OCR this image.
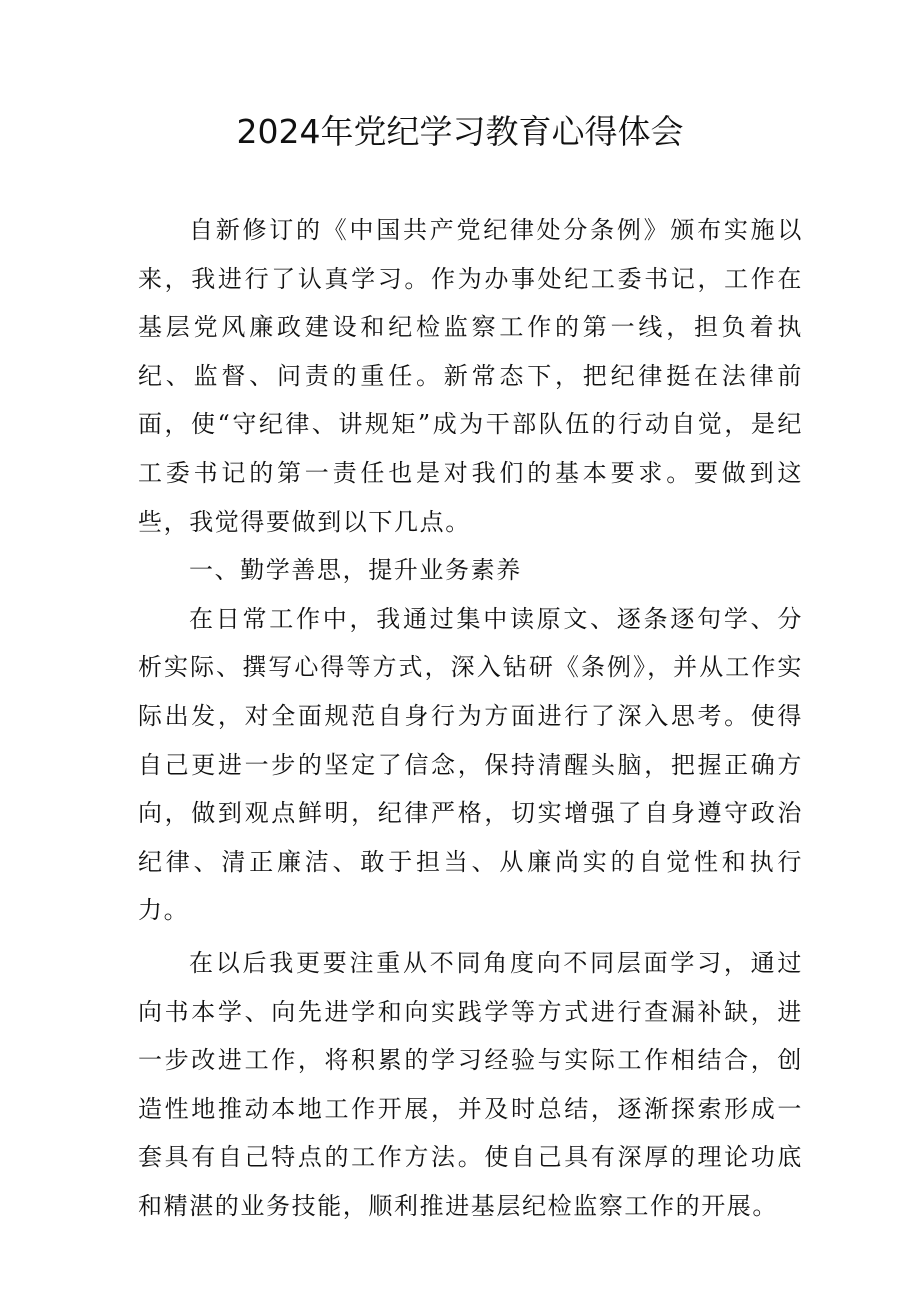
2024年党纪学习教育心得体会

自新修订的《中国共产党纪律处分条例》颁布实施以来，我进行了认真学习。作为办事处纪工委书记，工作在基层党风廉政建设和纪检监察工作的第一线，担负着执纪、监督、问责的重任。新常态下，把纪律挺在法律前面，使“守纪律、讲规矩”成为干部队伍的行动自觉，是纪工委书记的第一责任也是对我们的基本要求。要做到这些，我觉得要做到以下几点。

一、勤学善思，提升业务素养

在日常工作中，我通过集中读原文、逐条逐句学、分析实际、撰写心得等方式，深入钻研《条例》，并从工作实际出发，对全面规范自身行为方面进行了深入思考。使得自己更进一步的坚定了信念，保持清醒头脑，把握正确方向，做到观点鲜明，纪律严格，切实增强了自身遵守政治纪律、清正廉洁、敢于担当、从廉尚实的自觉性和执行力。

在以后我更要注重从不同角度向不同层面学习，通过向书本学、向先进学和向实践学等方式进行查漏补缺，进一步改进工作，将积累的学习经验与实际工作相结合，创造性地推动本地工作开展，并及时总结，逐渐探索形成一套具有自己特点的工作方法。使自己具有深厚的理论功底和精湛的业务技能，顺利推进基层纪检监察工作的开展。
